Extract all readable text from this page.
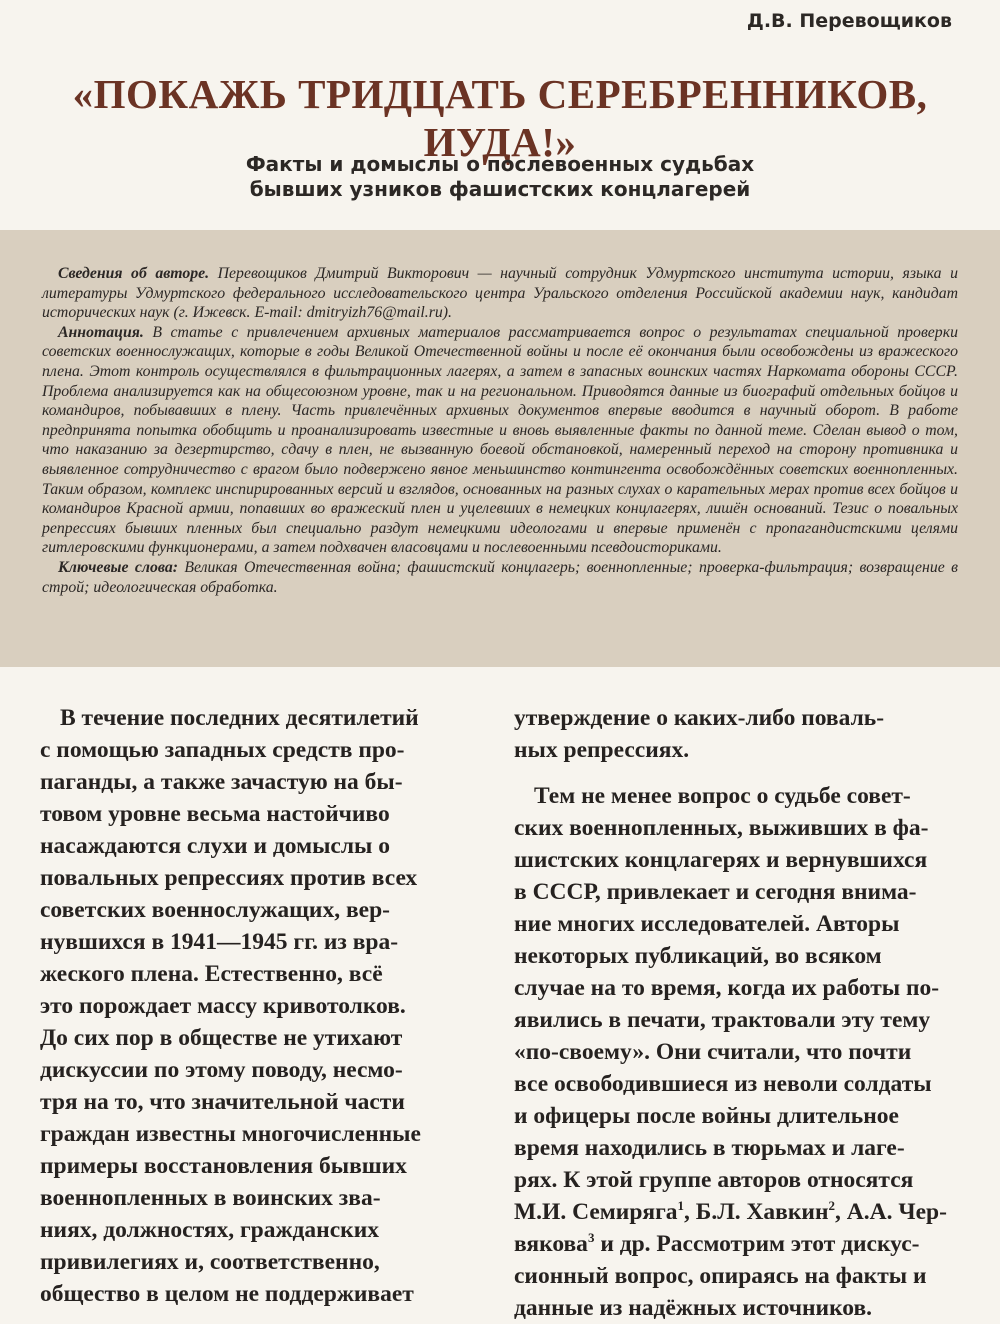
Д.В. Перевощиков
«ПОКАЖЬ ТРИДЦАТЬ СЕРЕБРЕННИКОВ, ИУДА!»
Факты и домыслы о послевоенных судьбах
бывших узников фашистских концлагерей

Сведения об авторе. Перевощиков Дмитрий Викторович — научный сотрудник Удмуртского института истории, языка и литературы Удмуртского федерального исследовательского центра Уральского отделения Российской академии наук, кандидат исторических наук (г. Ижевск. E-mail: dmitryizh76@mail.ru).

Аннотация. В статье с привлечением архивных материалов рассматривается вопрос о результатах специальной проверки советских военнослужащих, которые в годы Великой Отечественной войны и после её окончания были освобождены из вражеского плена. Этот контроль осуществлялся в фильтрационных лагерях, а затем в запасных воинских частях Наркомата обороны СССР. Проблема анализируется как на общесоюзном уровне, так и на региональном. Приводятся данные из биографий отдельных бойцов и командиров, побывавших в плену. Часть привлечённых архивных документов впервые вводится в научный оборот. В работе предпринята попытка обобщить и проанализировать известные и вновь выявленные факты по данной теме. Сделан вывод о том, что наказанию за дезертирство, сдачу в плен, не вызванную боевой обстановкой, намеренный переход на сторону противника и выявленное сотрудничество с врагом было подвержено явное меньшинство контингента освобождённых советских военнопленных. Таким образом, комплекс инспирированных версий и взглядов, основанных на разных слухах о карательных мерах против всех бойцов и командиров Красной армии, попавших во вражеский плен и уцелевших в немецких концлагерях, лишён оснований. Тезис о повальных репрессиях бывших пленных был специально раздут немецкими идеологами и впервые применён с пропагандистскими целями гитлеровскими функционерами, а затем подхвачен власовцами и послевоенными псевдоисториками.

Ключевые слова: Великая Отечественная война; фашистский концлагерь; военнопленные; проверка-фильтрация; возвращение в строй; идеологическая обработка.

В течение последних десятилетий
с помощью западных средств про-
паганды, а также зачастую на бы-
товом уровне весьма настойчиво
насаждаются слухи и домыслы о
повальных репрессиях против всех
советских военнослужащих, вер-
нувшихся в 1941—1945 гг. из вра-
жеского плена. Естественно, всё
это порождает массу кривотолков.
До сих пор в обществе не утихают
дискуссии по этому поводу, несмо-
тря на то, что значительной части
граждан известны многочисленные
примеры восстановления бывших
военнопленных в воинских зва-
ниях, должностях, гражданских
привилегиях и, соответственно,
общество в целом не поддерживает
утверждение о каких-либо поваль-
ных репрессиях.
Тем не менее вопрос о судьбе совет-
ских военнопленных, выживших в фа-
шистских концлагерях и вернувшихся
в СССР, привлекает и сегодня внима-
ние многих исследователей. Авторы
некоторых публикаций, во всяком
случае на то время, когда их работы по-
явились в печати, трактовали эту тему
«по-своему». Они считали, что почти
все освободившиеся из неволи солдаты
и офицеры после войны длительное
время находились в тюрьмах и лаге-
рях. К этой группе авторов относятся
М.И. Семиряга$^1$, Б.Л. Хавкин$^2$, А.А. Чер-
вякова$^3$ и др. Рассмотрим этот дискус-
сионный вопрос, опираясь на факты и
данные из надёжных источников.
